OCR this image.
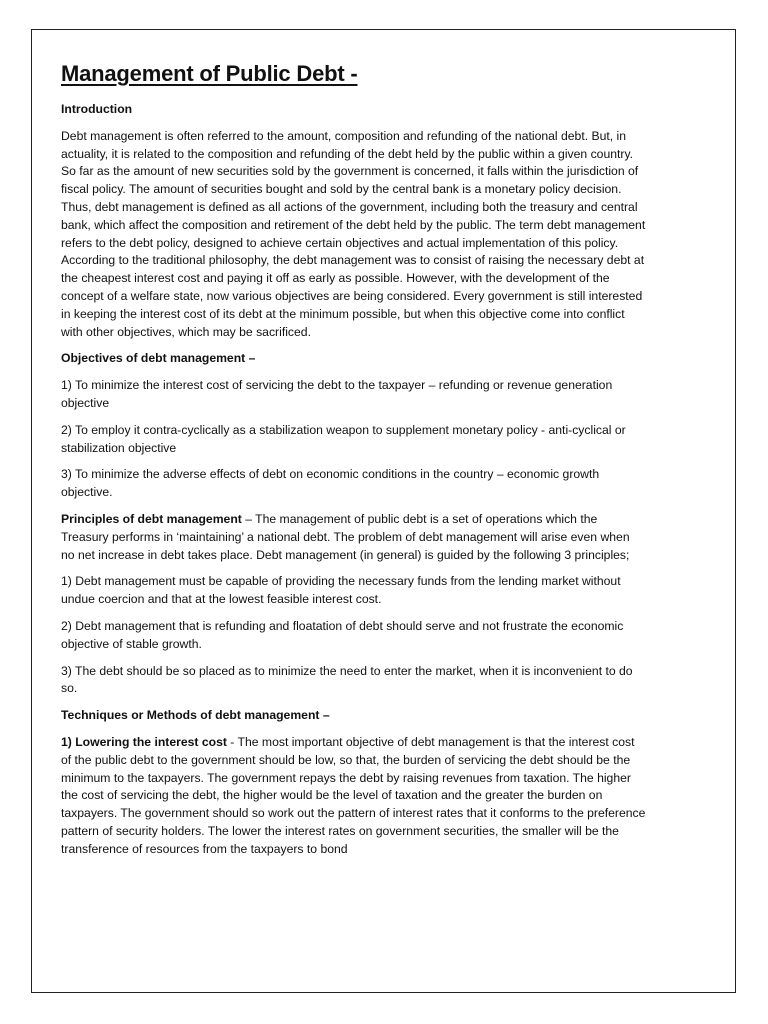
Management of Public Debt -

Introduction

Debt management is often referred to the amount, composition and refunding of the national debt. But, in actuality, it is related to the composition and refunding of the debt held by the public within a given country. So far as the amount of new securities sold by the government is concerned, it falls within the jurisdiction of fiscal policy. The amount of securities bought and sold by the central bank is a monetary policy decision. Thus, debt management is defined as all actions of the government, including both the treasury and central bank, which affect the composition and retirement of the debt held by the public. The term debt management refers to the debt policy, designed to achieve certain objectives and actual implementation of this policy. According to the traditional philosophy, the debt management was to consist of raising the necessary debt at the cheapest interest cost and paying it off as early as possible. However, with the development of the concept of a welfare state, now various objectives are being considered. Every government is still interested in keeping the interest cost of its debt at the minimum possible, but when this objective come into conflict with other objectives, which may be sacrificed.

Objectives of debt management –

1) To minimize the interest cost of servicing the debt to the taxpayer – refunding or revenue generation objective

2) To employ it contra-cyclically as a stabilization weapon to supplement monetary policy - anti-cyclical or stabilization objective

3) To minimize the adverse effects of debt on economic conditions in the country – economic growth objective.

Principles of debt management – The management of public debt is a set of operations which the Treasury performs in ‘maintaining’ a national debt. The problem of debt management will arise even when no net increase in debt takes place. Debt management (in general) is guided by the following 3 principles;

1) Debt management must be capable of providing the necessary funds from the lending market without undue coercion and that at the lowest feasible interest cost.

2) Debt management that is refunding and floatation of debt should serve and not frustrate the economic objective of stable growth.

3) The debt should be so placed as to minimize the need to enter the market, when it is inconvenient to do so.

Techniques or Methods of debt management –

1) Lowering the interest cost - The most important objective of debt management is that the interest cost of the public debt to the government should be low, so that, the burden of servicing the debt should be the minimum to the taxpayers. The government repays the debt by raising revenues from taxation. The higher the cost of servicing the debt, the higher would be the level of taxation and the greater the burden on taxpayers. The government should so work out the pattern of interest rates that it conforms to the preference pattern of security holders. The lower the interest rates on government securities, the smaller will be the transference of resources from the taxpayers to bond
